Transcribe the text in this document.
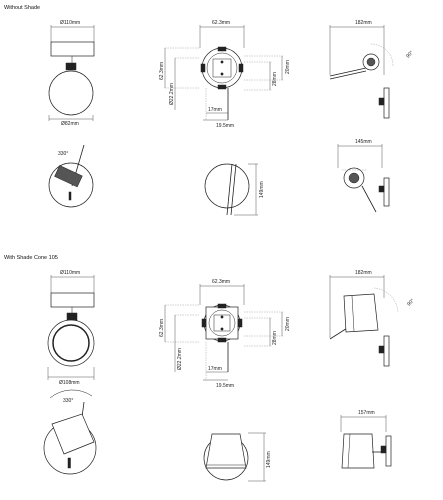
Without Shade
Ø110mm
Ø82mm
62.3mm
62.3mm
Ø22.2mm
20mm
28mm
17mm
19.5mm
182mm
90°
330°
149mm
145mm
With Shade Cone 105
Ø110mm
Ø108mm
62.3mm
62.3mm
Ø22.2mm
20mm
28mm
17mm
19.5mm
182mm
90°
330°
149mm
157mm
